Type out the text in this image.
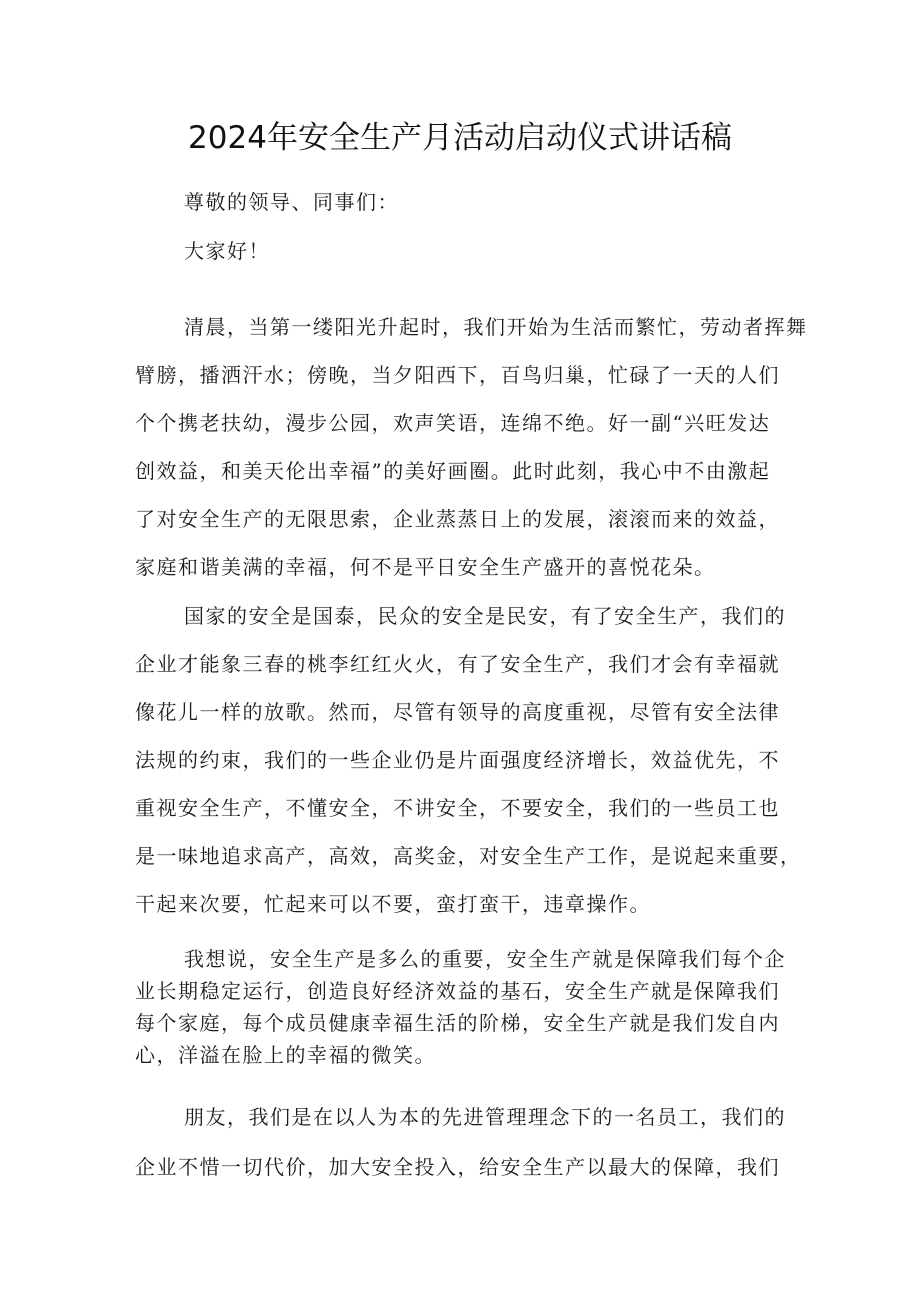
2024年安全生产月活动启动仪式讲话稿
尊敬的领导、同事们：
大家好！
清晨，当第一缕阳光升起时，我们开始为生活而繁忙，劳动者挥舞
臂膀，播洒汗水；傍晚，当夕阳西下，百鸟归巢，忙碌了一天的人们
个个携老扶幼，漫步公园，欢声笑语，连绵不绝。好一副“兴旺发达
创效益，和美天伦出幸福”的美好画圈。此时此刻，我心中不由激起
了对安全生产的无限思索，企业蒸蒸日上的发展，滚滚而来的效益，
家庭和谐美满的幸福，何不是平日安全生产盛开的喜悦花朵。
国家的安全是国泰，民众的安全是民安，有了安全生产，我们的
企业才能象三春的桃李红红火火，有了安全生产，我们才会有幸福就
像花儿一样的放歌。然而，尽管有领导的高度重视，尽管有安全法律
法规的约束，我们的一些企业仍是片面强度经济增长，效益优先，不
重视安全生产，不懂安全，不讲安全，不要安全，我们的一些员工也
是一味地追求高产，高效，高奖金，对安全生产工作，是说起来重要，
干起来次要，忙起来可以不要，蛮打蛮干，违章操作。
我想说，安全生产是多么的重要，安全生产就是保障我们每个企
业长期稳定运行，创造良好经济效益的基石，安全生产就是保障我们
每个家庭，每个成员健康幸福生活的阶梯，安全生产就是我们发自内
心，洋溢在脸上的幸福的微笑。
朋友，我们是在以人为本的先进管理理念下的一名员工，我们的
企业不惜一切代价，加大安全投入，给安全生产以最大的保障，我们
